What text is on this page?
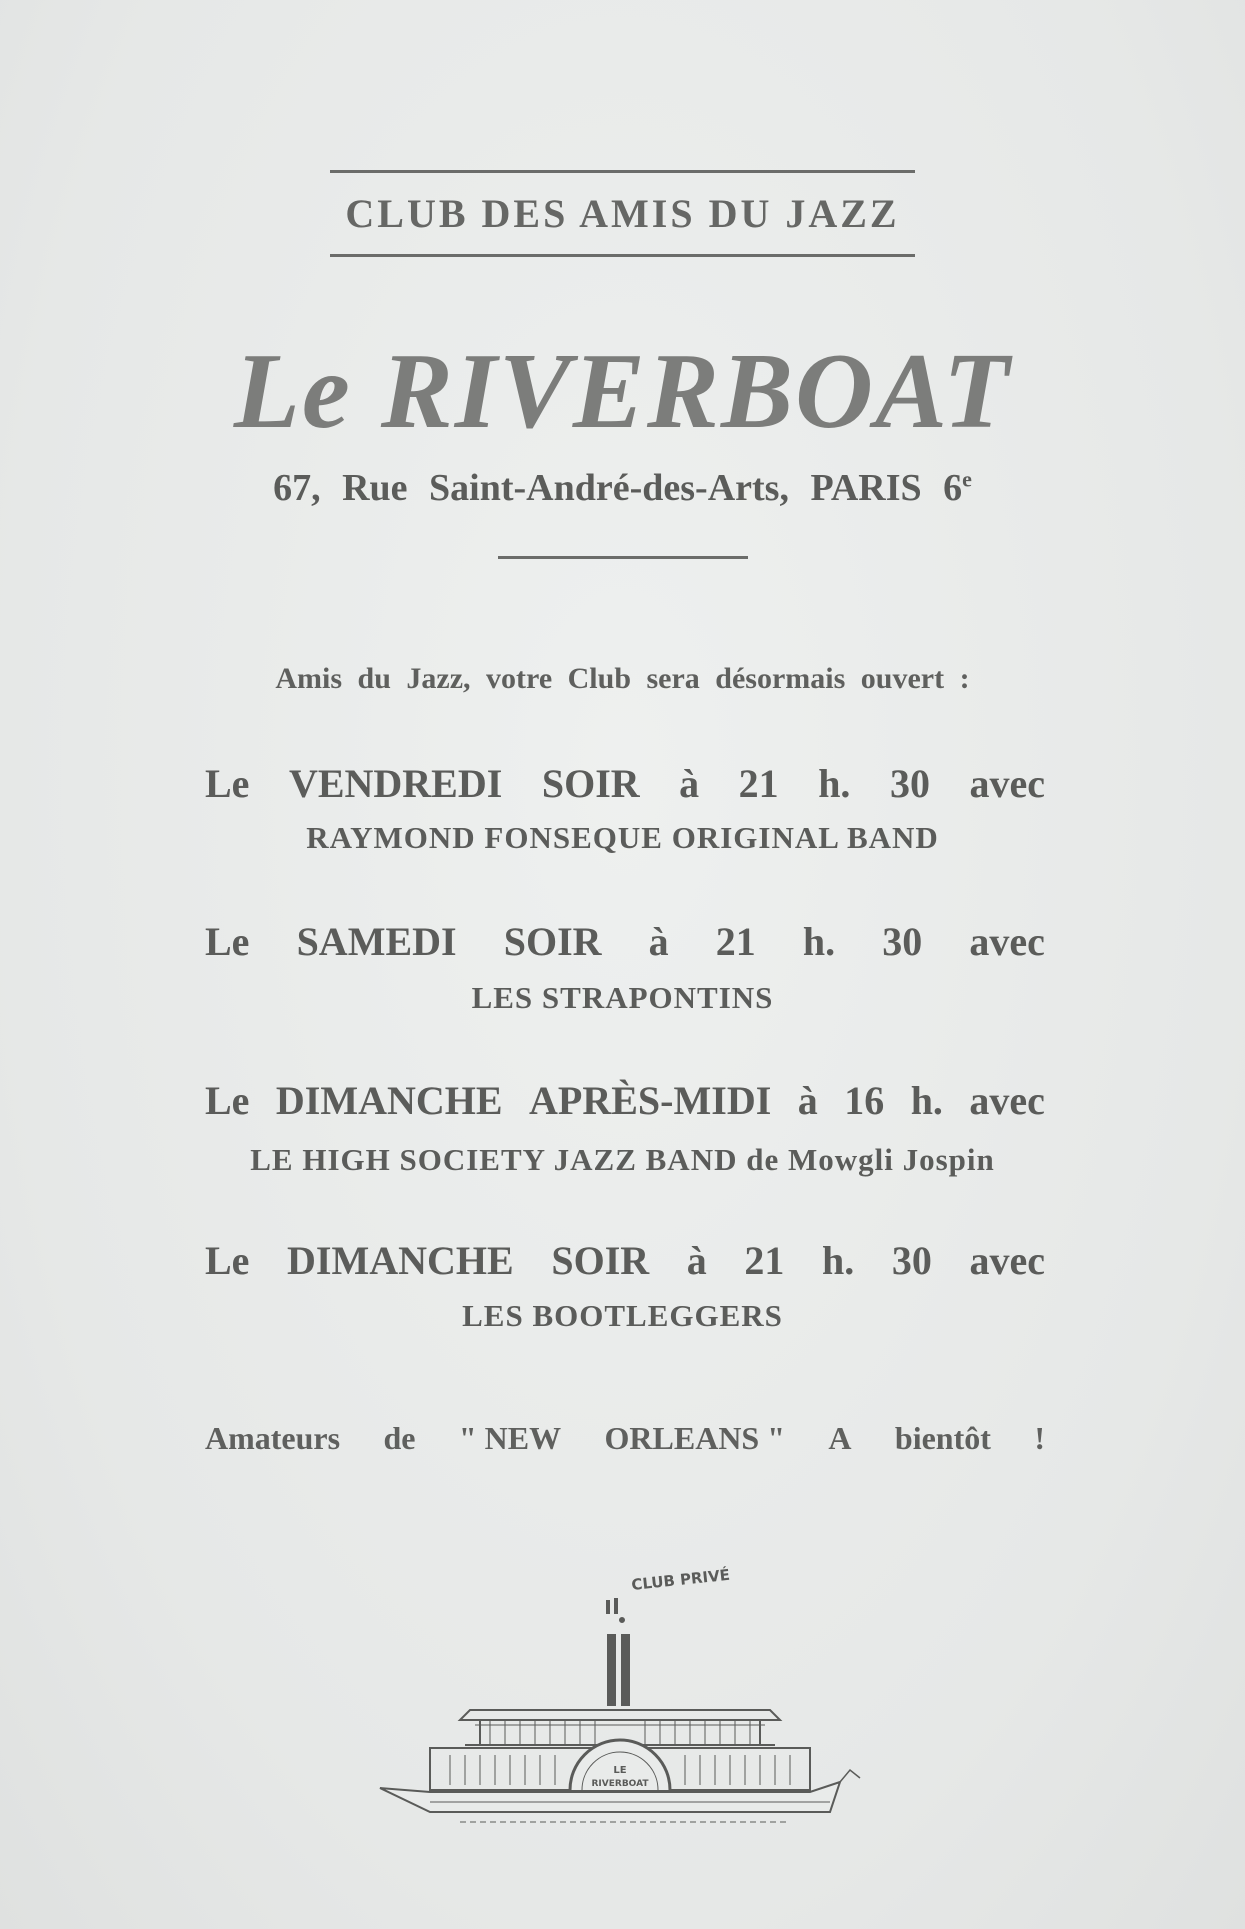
CLUB DES AMIS DU JAZZ
Le RIVERBOAT
67, Rue Saint-André-des-Arts, PARIS 6e
Amis du Jazz, votre Club sera désormais ouvert :
Le VENDREDI SOIR à 21 h. 30 avec
RAYMOND FONSEQUE ORIGINAL BAND
Le SAMEDI SOIR à 21 h. 30 avec
LES STRAPONTINS
Le DIMANCHE APRÈS-MIDI à 16 h. avec
LE HIGH SOCIETY JAZZ BAND de Mowgli Jospin
Le DIMANCHE SOIR à 21 h. 30 avec
LES BOOTLEGGERS
Amateurs de " NEW ORLEANS " A bientôt !
CLUB PRIVÉ
LE
RIVERBOAT
